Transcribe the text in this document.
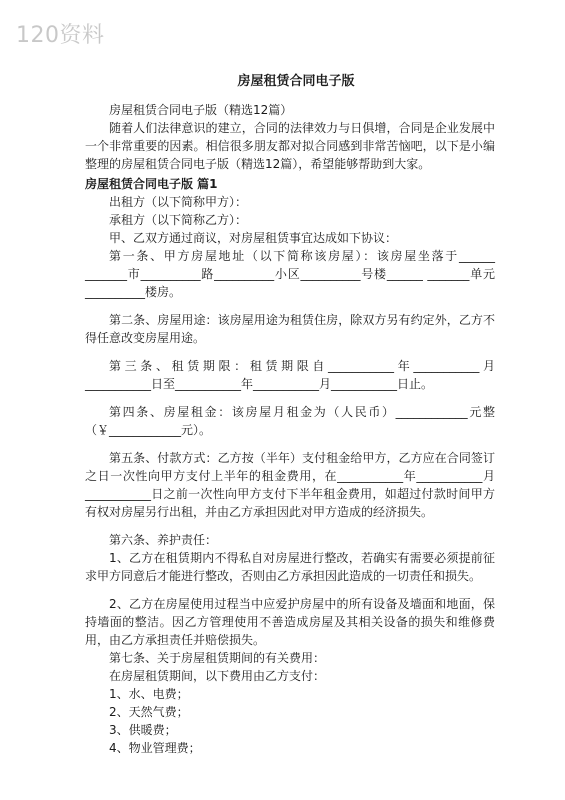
120资料
房屋租赁合同电子版

房屋租赁合同电子版（精选12篇）

随着人们法律意识的建立，合同的法律效力与日俱增，合同是企业发展中一个非常重要的因素。相信很多朋友都对拟合同感到非常苦恼吧，以下是小编整理的房屋租赁合同电子版（精选12篇），希望能够帮助到大家。

房屋租赁合同电子版 篇1

出租方（以下简称甲方）：

承租方（以下简称乙方）：

甲、乙双方通过商议，对房屋租赁事宜达成如下协议：

第一条、甲方房屋地址（以下简称该房屋）：该房屋坐落于______ _______市__________路__________小区__________号楼______ _______单元__________楼房。

第二条、房屋用途：该房屋用途为租赁住房，除双方另有约定外，乙方不得任意改变房屋用途。

第三条、租赁期限：租赁期限自___________年___________月___________日至___________年___________月___________日止。

第四条、房屋租金：该房屋月租金为（人民币）____________元整（￥____________元）。

第五条、付款方式：乙方按（半年）支付租金给甲方，乙方应在合同签订之日一次性向甲方支付上半年的租金费用，在___________年___________月___________日之前一次性向甲方支付下半年租金费用，如超过付款时间甲方有权对房屋另行出租，并由乙方承担因此对甲方造成的经济损失。

第六条、养护责任：

1、乙方在租赁期内不得私自对房屋进行整改，若确实有需要必须提前征求甲方同意后才能进行整改，否则由乙方承担因此造成的一切责任和损失。

2、乙方在房屋使用过程当中应爱护房屋中的所有设备及墙面和地面，保持墙面的整洁。因乙方管理使用不善造成房屋及其相关设备的损失和维修费用，由乙方承担责任并赔偿损失。

第七条、关于房屋租赁期间的有关费用：

在房屋租赁期间，以下费用由乙方支付：

1、水、电费；

2、天然气费；

3、供暖费；

4、物业管理费；
